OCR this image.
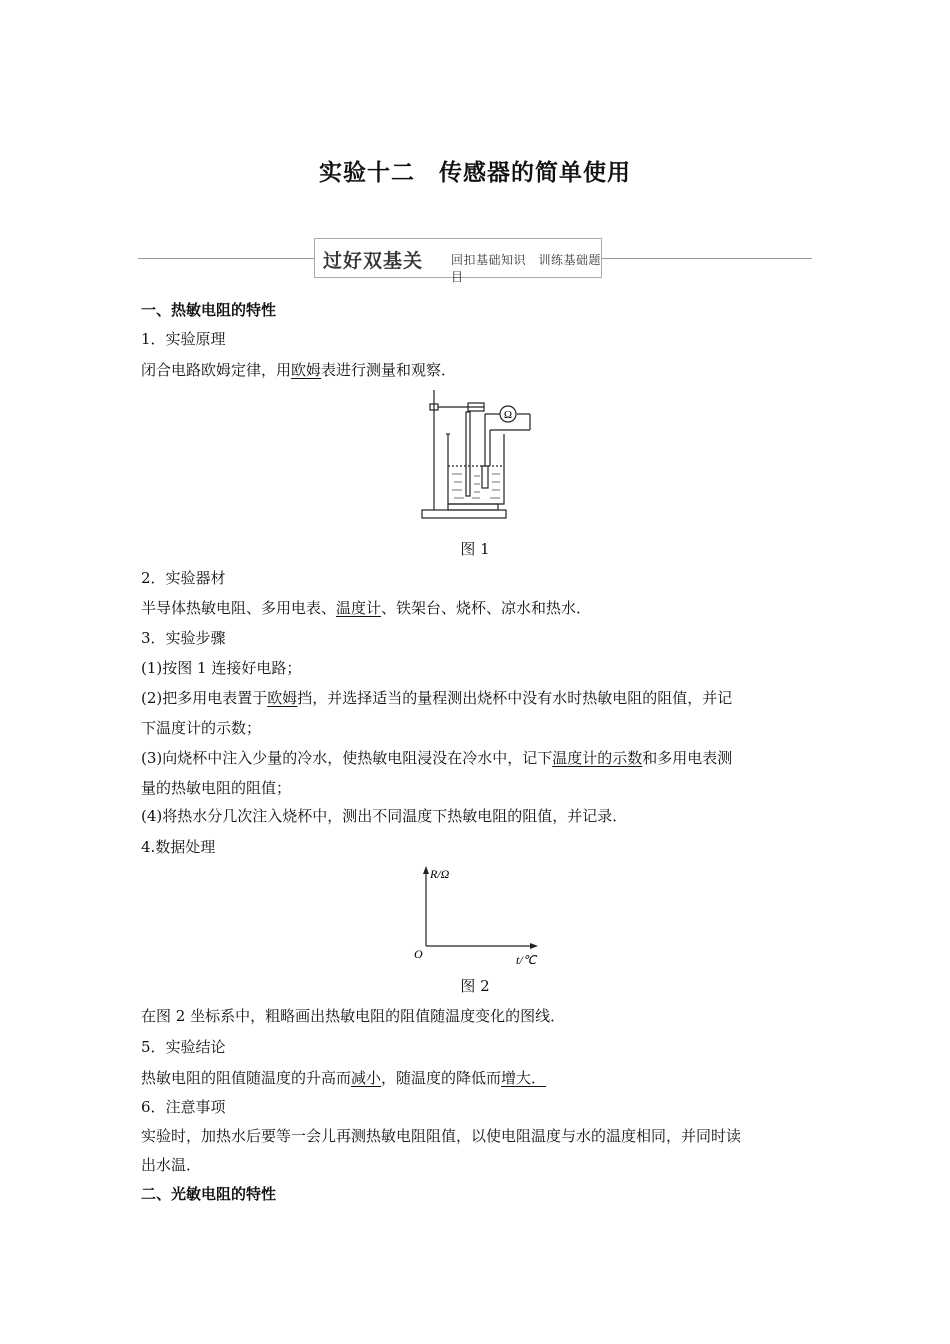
实验十二　传感器的简单使用
过好双基关 回扣基础知识　训练基础题目
一、热敏电阻的特性
1．实验原理
闭合电路欧姆定律，用欧姆表进行测量和观察．
Ω
图 1
2．实验器材
半导体热敏电阻、多用电表、温度计、铁架台、烧杯、凉水和热水．
3．实验步骤
(1)按图 1 连接好电路；
(2)把多用电表置于欧姆挡，并选择适当的量程测出烧杯中没有水时热敏电阻的阻值，并记
下温度计的示数；
(3)向烧杯中注入少量的冷水，使热敏电阻浸没在冷水中，记下温度计的示数和多用电表测
量的热敏电阻的阻值；
(4)将热水分几次注入烧杯中，测出不同温度下热敏电阻的阻值，并记录．
4.数据处理
R/Ω
O	t/℃
图 2
在图 2 坐标系中，粗略画出热敏电阻的阻值随温度变化的图线．
5．实验结论
热敏电阻的阻值随温度的升高而减小，随温度的降低而增大．
6．注意事项
实验时，加热水后要等一会儿再测热敏电阻阻值，以使电阻温度与水的温度相同，并同时读
出水温．
二、光敏电阻的特性
